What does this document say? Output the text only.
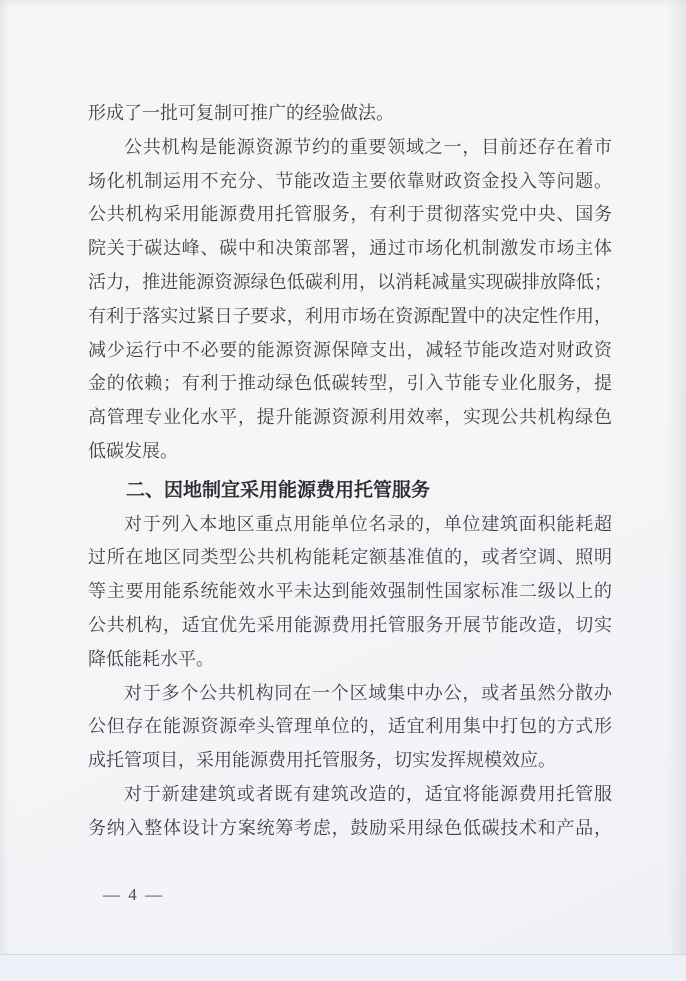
形成了一批可复制可推广的经验做法。
公共机构是能源资源节约的重要领域之一，目前还存在着市
场化机制运用不充分、节能改造主要依靠财政资金投入等问题。
公共机构采用能源费用托管服务，有利于贯彻落实党中央、国务
院关于碳达峰、碳中和决策部署，通过市场化机制激发市场主体
活力，推进能源资源绿色低碳利用，以消耗减量实现碳排放降低；
有利于落实过紧日子要求，利用市场在资源配置中的决定性作用，
减少运行中不必要的能源资源保障支出，减轻节能改造对财政资
金的依赖；有利于推动绿色低碳转型，引入节能专业化服务，提
高管理专业化水平，提升能源资源利用效率，实现公共机构绿色
低碳发展。
二、因地制宜采用能源费用托管服务
对于列入本地区重点用能单位名录的，单位建筑面积能耗超
过所在地区同类型公共机构能耗定额基准值的，或者空调、照明
等主要用能系统能效水平未达到能效强制性国家标准二级以上的
公共机构，适宜优先采用能源费用托管服务开展节能改造，切实
降低能耗水平。
对于多个公共机构同在一个区域集中办公，或者虽然分散办
公但存在能源资源牵头管理单位的，适宜利用集中打包的方式形
成托管项目，采用能源费用托管服务，切实发挥规模效应。
对于新建建筑或者既有建筑改造的，适宜将能源费用托管服
务纳入整体设计方案统筹考虑，鼓励采用绿色低碳技术和产品，
— 4 —
